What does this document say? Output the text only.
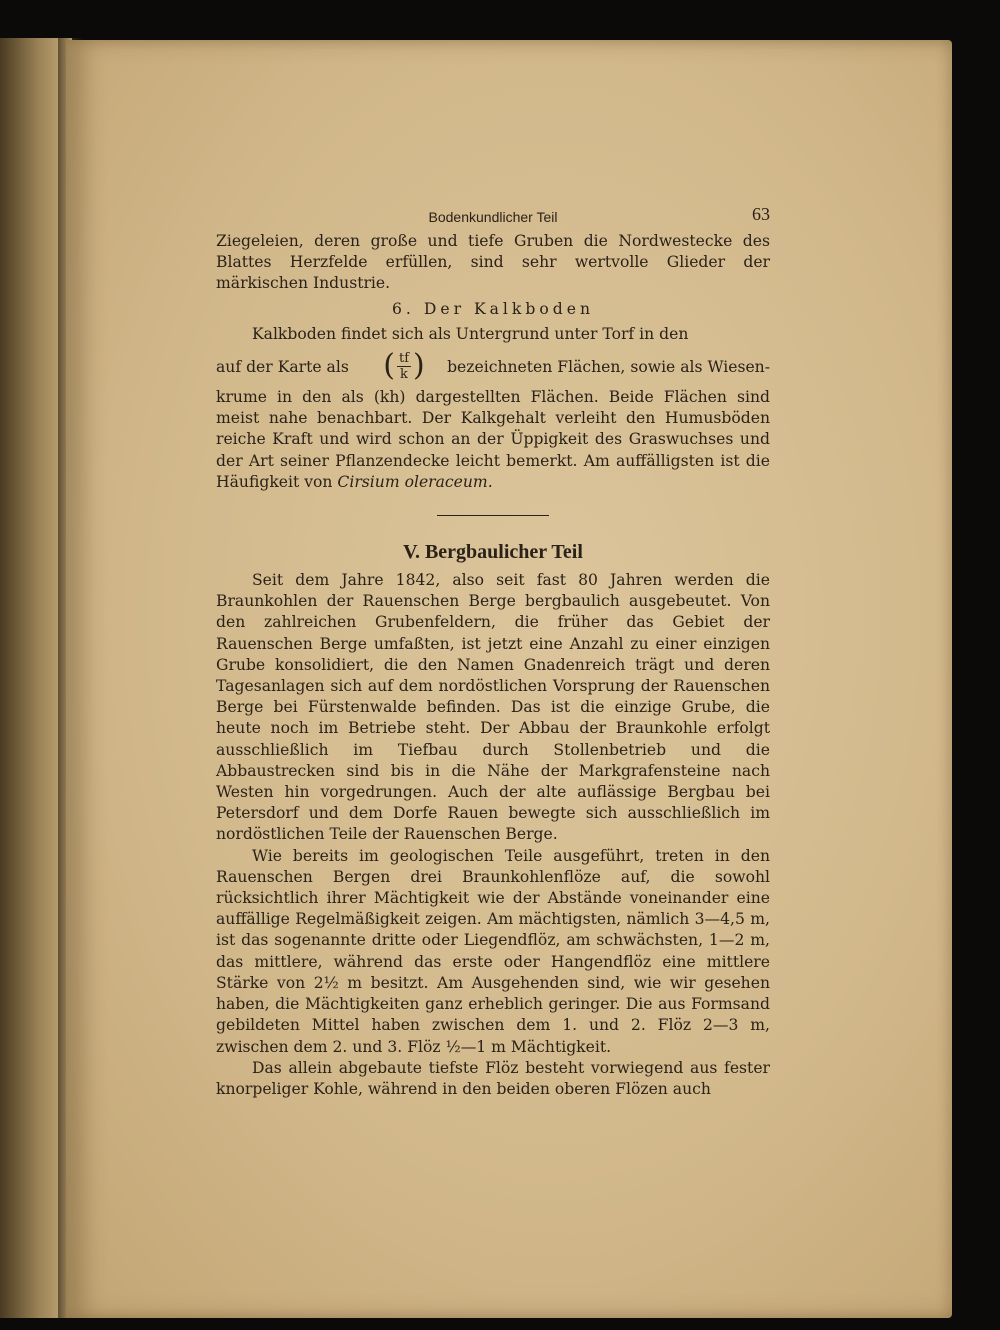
Bodenkundlicher Teil	63

Ziegeleien, deren große und tiefe Gruben die Nordwestecke des Blattes Herzfelde erfüllen, sind sehr wertvolle Glieder der märkischen Industrie.

6. Der Kalkboden

Kalkboden findet sich als Untergrund unter Torf in den

auf der Karte als ( $\frac{tf}{k}$ ) bezeichneten Flächen, sowie als Wiesen-

krume in den als (kh) dargestellten Flächen. Beide Flächen sind meist nahe benachbart. Der Kalkgehalt verleiht den Humusböden reiche Kraft und wird schon an der Üppigkeit des Graswuchses und der Art seiner Pflanzendecke leicht bemerkt. Am auffälligsten ist die Häufigkeit von Cirsium oleraceum.

V. Bergbaulicher Teil

Seit dem Jahre 1842, also seit fast 80 Jahren werden die Braunkohlen der Rauenschen Berge bergbaulich ausgebeutet. Von den zahlreichen Grubenfeldern, die früher das Gebiet der Rauenschen Berge umfaßten, ist jetzt eine Anzahl zu einer einzigen Grube konsolidiert, die den Namen Gnadenreich trägt und deren Tagesanlagen sich auf dem nordöstlichen Vorsprung der Rauenschen Berge bei Fürstenwalde befinden. Das ist die einzige Grube, die heute noch im Betriebe steht. Der Abbau der Braunkohle erfolgt ausschließlich im Tiefbau durch Stollenbetrieb und die Abbaustrecken sind bis in die Nähe der Markgrafensteine nach Westen hin vorgedrungen. Auch der alte auflässige Bergbau bei Petersdorf und dem Dorfe Rauen bewegte sich ausschließlich im nordöstlichen Teile der Rauenschen Berge.

Wie bereits im geologischen Teile ausgeführt, treten in den Rauenschen Bergen drei Braunkohlenflöze auf, die sowohl rücksichtlich ihrer Mächtigkeit wie der Abstände voneinander eine auffällige Regelmäßigkeit zeigen. Am mächtigsten, nämlich 3—4,5 m, ist das sogenannte dritte oder Liegendflöz, am schwächsten, 1—2 m, das mittlere, während das erste oder Hangendflöz eine mittlere Stärke von 2½ m besitzt. Am Ausgehenden sind, wie wir gesehen haben, die Mächtigkeiten ganz erheblich geringer. Die aus Formsand gebildeten Mittel haben zwischen dem 1. und 2. Flöz 2—3 m, zwischen dem 2. und 3. Flöz ½—1 m Mächtigkeit.

Das allein abgebaute tiefste Flöz besteht vorwiegend aus fester knorpeliger Kohle, während in den beiden oberen Flözen auch
